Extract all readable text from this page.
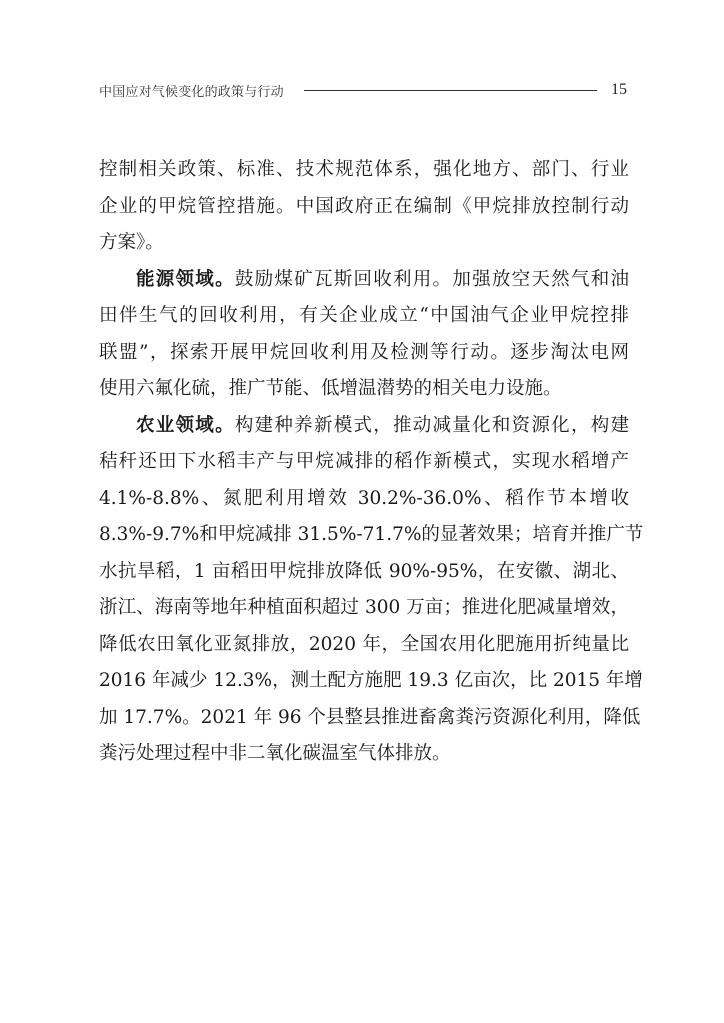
中国应对气候变化的政策与行动	15
控制相关政策、标准、技术规范体系，强化地方、部门、行业
企业的甲烷管控措施。中国政府正在编制《甲烷排放控制行动
方案》。
能源领域。鼓励煤矿瓦斯回收利用。加强放空天然气和油
田伴生气的回收利用，有关企业成立“中国油气企业甲烷控排
联盟”，探索开展甲烷回收利用及检测等行动。逐步淘汰电网
使用六氟化硫，推广节能、低增温潜势的相关电力设施。
农业领域。构建种养新模式，推动减量化和资源化，构建
秸秆还田下水稻丰产与甲烷减排的稻作新模式，实现水稻增产
4.1%-8.8%、氮肥利用增效 30.2%-36.0%、稻作节本增收
8.3%-9.7%和甲烷减排 31.5%-71.7%的显著效果；培育并推广节
水抗旱稻，1 亩稻田甲烷排放降低 90%-95%，在安徽、湖北、
浙江、海南等地年种植面积超过 300 万亩；推进化肥减量增效，
降低农田氧化亚氮排放，2020 年，全国农用化肥施用折纯量比
2016 年减少 12.3%，测土配方施肥 19.3 亿亩次，比 2015 年增
加 17.7%。2021 年 96 个县整县推进畜禽粪污资源化利用，降低
粪污处理过程中非二氧化碳温室气体排放。
